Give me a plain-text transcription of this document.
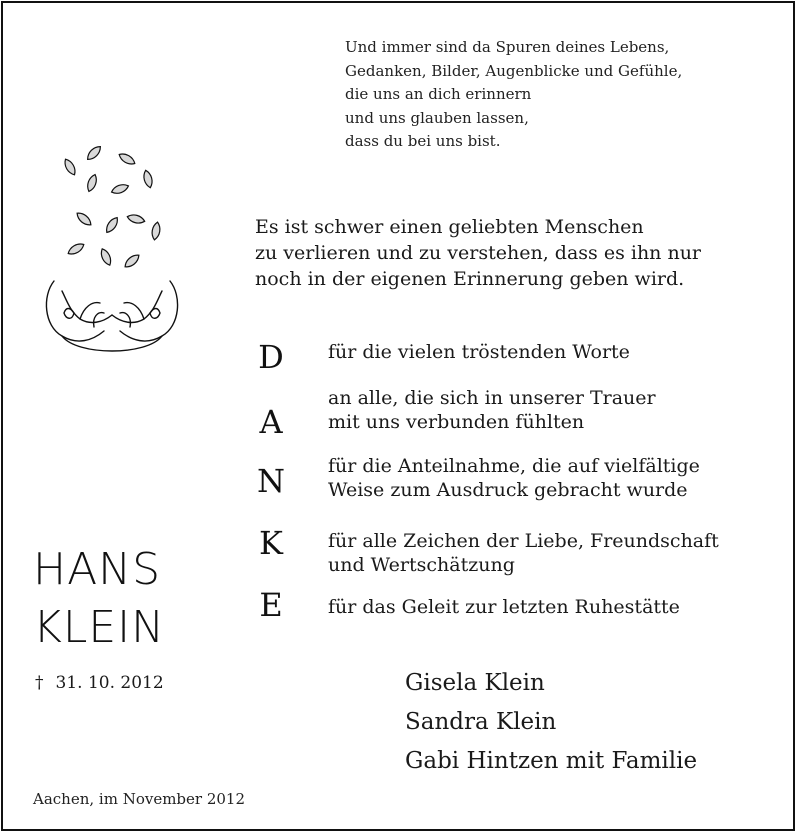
Und immer sind da Spuren deines Lebens,
Gedanken, Bilder, Augenblicke und Gefühle,
die uns an dich erinnern
und uns glauben lassen,
dass du bei uns bist.
Es ist schwer einen geliebten Menschen
zu verlieren und zu verstehen, dass es ihn nur
noch in der eigenen Erinnerung geben wird.
D
A
N
K
E
für die vielen tröstenden Worte
an alle, die sich in unserer Trauer
mit uns verbunden fühlten
für die Anteilnahme, die auf vielfältige
Weise zum Ausdruck gebracht wurde
für alle Zeichen der Liebe, Freundschaft
und Wertschätzung
für das Geleit zur letzten Ruhestätte
HANS
KLEIN
† 31. 10. 2012	Gisela Klein
Sandra Klein
Gabi Hintzen mit Familie
Aachen, im November 2012
